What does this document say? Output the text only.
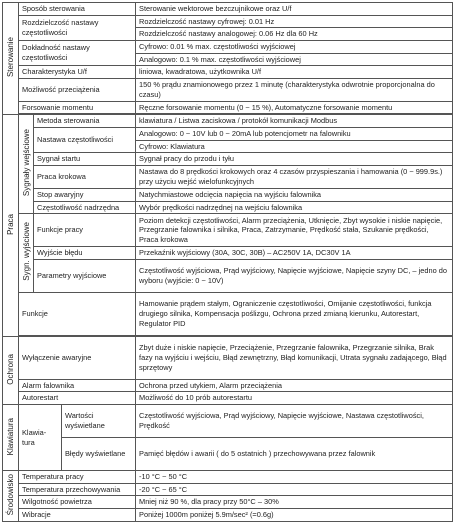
Sterowanie	Sposób sterowania			Sterowanie wektorowe bezczujnikowe oraz U/f
	Rozdzielczość nastawy częstotliwości			Rozdzielczość nastawy cyfrowej: 0.01 Hz
				Rozdzielczość nastawy analogowej: 0.06 Hz dla 60 Hz
	Dokładność nastawy częstotliwości			Cyfrowo: 0.01 % max. częstotliwości wyjściowej
				Analogowo: 0.1 % max. częstotliwości wyjściowej
	Charakterystyka U/f			liniowa, kwadratowa, użytkownika U/f
	Możliwość przeciążenia			150 % prądu znamionowego przez 1 minutę (charakterystyka odwrotnie proporcjonalna do czasu)
	Forsowanie momentu			Ręczne forsowanie momentu (0 ~ 15 %), Automatyczne forsowanie momentu

Praca	Sygnały wejściowe	Metoda sterowania		klawiatura / Listwa zaciskowa / protokół komunikacji Modbus
		Nastawa częstotliwości		Analogowo: 0 ~ 10V lub 0 ~ 20mA lub potencjometr na falowniku
				Cyfrowo: Klawiatura
		Sygnał startu		Sygnał pracy do przodu i tyłu
		Praca krokowa		Nastawa do 8 prędkości krokowych oraz 4 czasów przyspieszania i hamowania (0 ~ 999.9s.) przy użyciu wejść wielofunkcyjnych
		Stop awaryjny		Natychmiastowe odcięcia napięcia na wyjściu falownika
		Częstotliwość nadrzędna		Wybór prędkości nadrzędnej na wejściu falownika
	Sygn. wyjściowe	Funkcje pracy		Poziom detekcji częstotliwości, Alarm przeciążenia, Utknięcie, Zbyt wysokie i niskie napięcie, Przegrzanie falownika i silnika, Praca, Zatrzymanie, Prędkość stała, Szukanie prędkości, Praca krokowa
		Wyjście błędu		Przekaźnik wyjściowy (30A, 30C, 30B) – AC250V 1A, DC30V 1A
		Parametry wyjściowe		Częstotliwość wyjściowa, Prąd wyjściowy, Napięcie wyjściowe, Napięcie szyny DC, – jedno do wyboru (wyjście: 0 ~ 10V)
	Funkcje			Hamowanie prądem stałym, Ograniczenie częstotliwości, Omijanie częstotliwości, funkcja drugiego silnika, Kompensacja poślizgu, Ochrona przed zmianą kierunku, Autorestart, Regulator PID

Ochrona	Wyłączenie awaryjne			Zbyt duże i niskie napięcie, Przeciążenie, Przegrzanie falownika, Przegrzanie silnika, Brak fazy na wyjściu i wejściu, Błąd zewnętrzny, Błąd komunikacji, Utrata sygnału zadającego, Błąd sprzętowy
	Alarm falownika			Ochrona przed utykiem, Alarm przeciążenia
	Autorestart			Możliwość do 10 prób autorestartu
Klawiatura	Klawia-tura		Wartości wyświetlane	Częstotliwość wyjściowa, Prąd wyjściowy, Napięcie wyjściowe, Nastawa częstotliwości, Prędkość
			Błędy wyświetlane	Pamięć błędów i awarii ( do 5 ostatnich ) przechowywana przez falownik
Środowisko	Temperatura pracy			-10 °C ~ 50 °C
	Temperatura przechowywania			-20 °C ~ 65 °C
	Wilgotność powietrza			Mniej niż 90 %, dla pracy przy 50°C – 30%
	Wibracje			Poniżej 1000m poniżej 5.9m/sec² (=0.6g)
